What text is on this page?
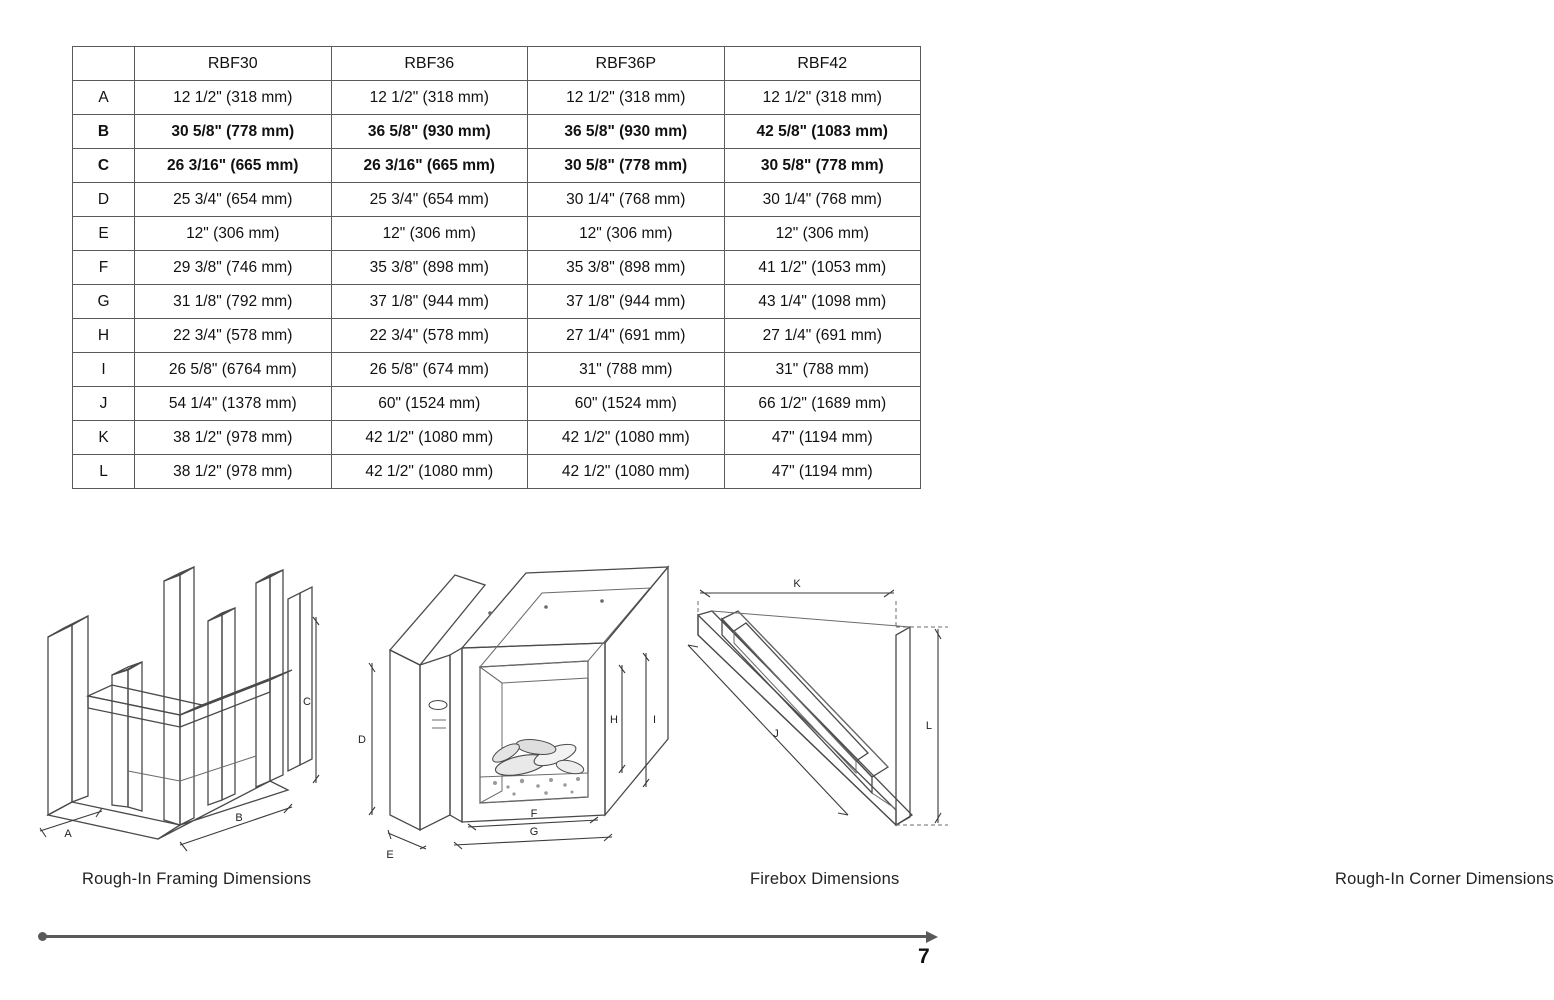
	RBF30	RBF36	RBF36P	RBF42
A	12 1/2" (318 mm)	12 1/2" (318 mm)	12 1/2" (318 mm)	12 1/2" (318 mm)
B	30 5/8" (778 mm)	36 5/8" (930 mm)	36 5/8" (930 mm)	42 5/8" (1083 mm)
C	26 3/16" (665 mm)	26 3/16" (665 mm)	30 5/8" (778 mm)	30 5/8" (778 mm)
D	25 3/4" (654 mm)	25 3/4" (654 mm)	30 1/4" (768 mm)	30 1/4" (768 mm)
E	12" (306 mm)	12" (306 mm)	12" (306 mm)	12" (306 mm)
F	29 3/8" (746 mm)	35 3/8" (898 mm)	35 3/8" (898 mm)	41 1/2" (1053 mm)
G	31 1/8" (792 mm)	37 1/8" (944 mm)	37 1/8" (944 mm)	43 1/4" (1098 mm)
H	22 3/4" (578 mm)	22 3/4" (578 mm)	27 1/4" (691 mm)	27 1/4" (691 mm)
I	26 5/8" (6764 mm)	26 5/8" (674 mm)	31" (788 mm)	31" (788 mm)
J	54 1/4" (1378 mm)	60" (1524 mm)	60" (1524 mm)	66 1/2" (1689 mm)
K	38 1/2" (978 mm)	42 1/2" (1080 mm)	42 1/2" (1080 mm)	47" (1194 mm)
L	38 1/2" (978 mm)	42 1/2" (1080 mm)	42 1/2" (1080 mm)	47" (1194 mm)
A
B
C
Rough-In Framing Dimensions
D
E
F
G
H	I
Firebox Dimensions
K
L
J
Rough-In Corner Dimensions
7
